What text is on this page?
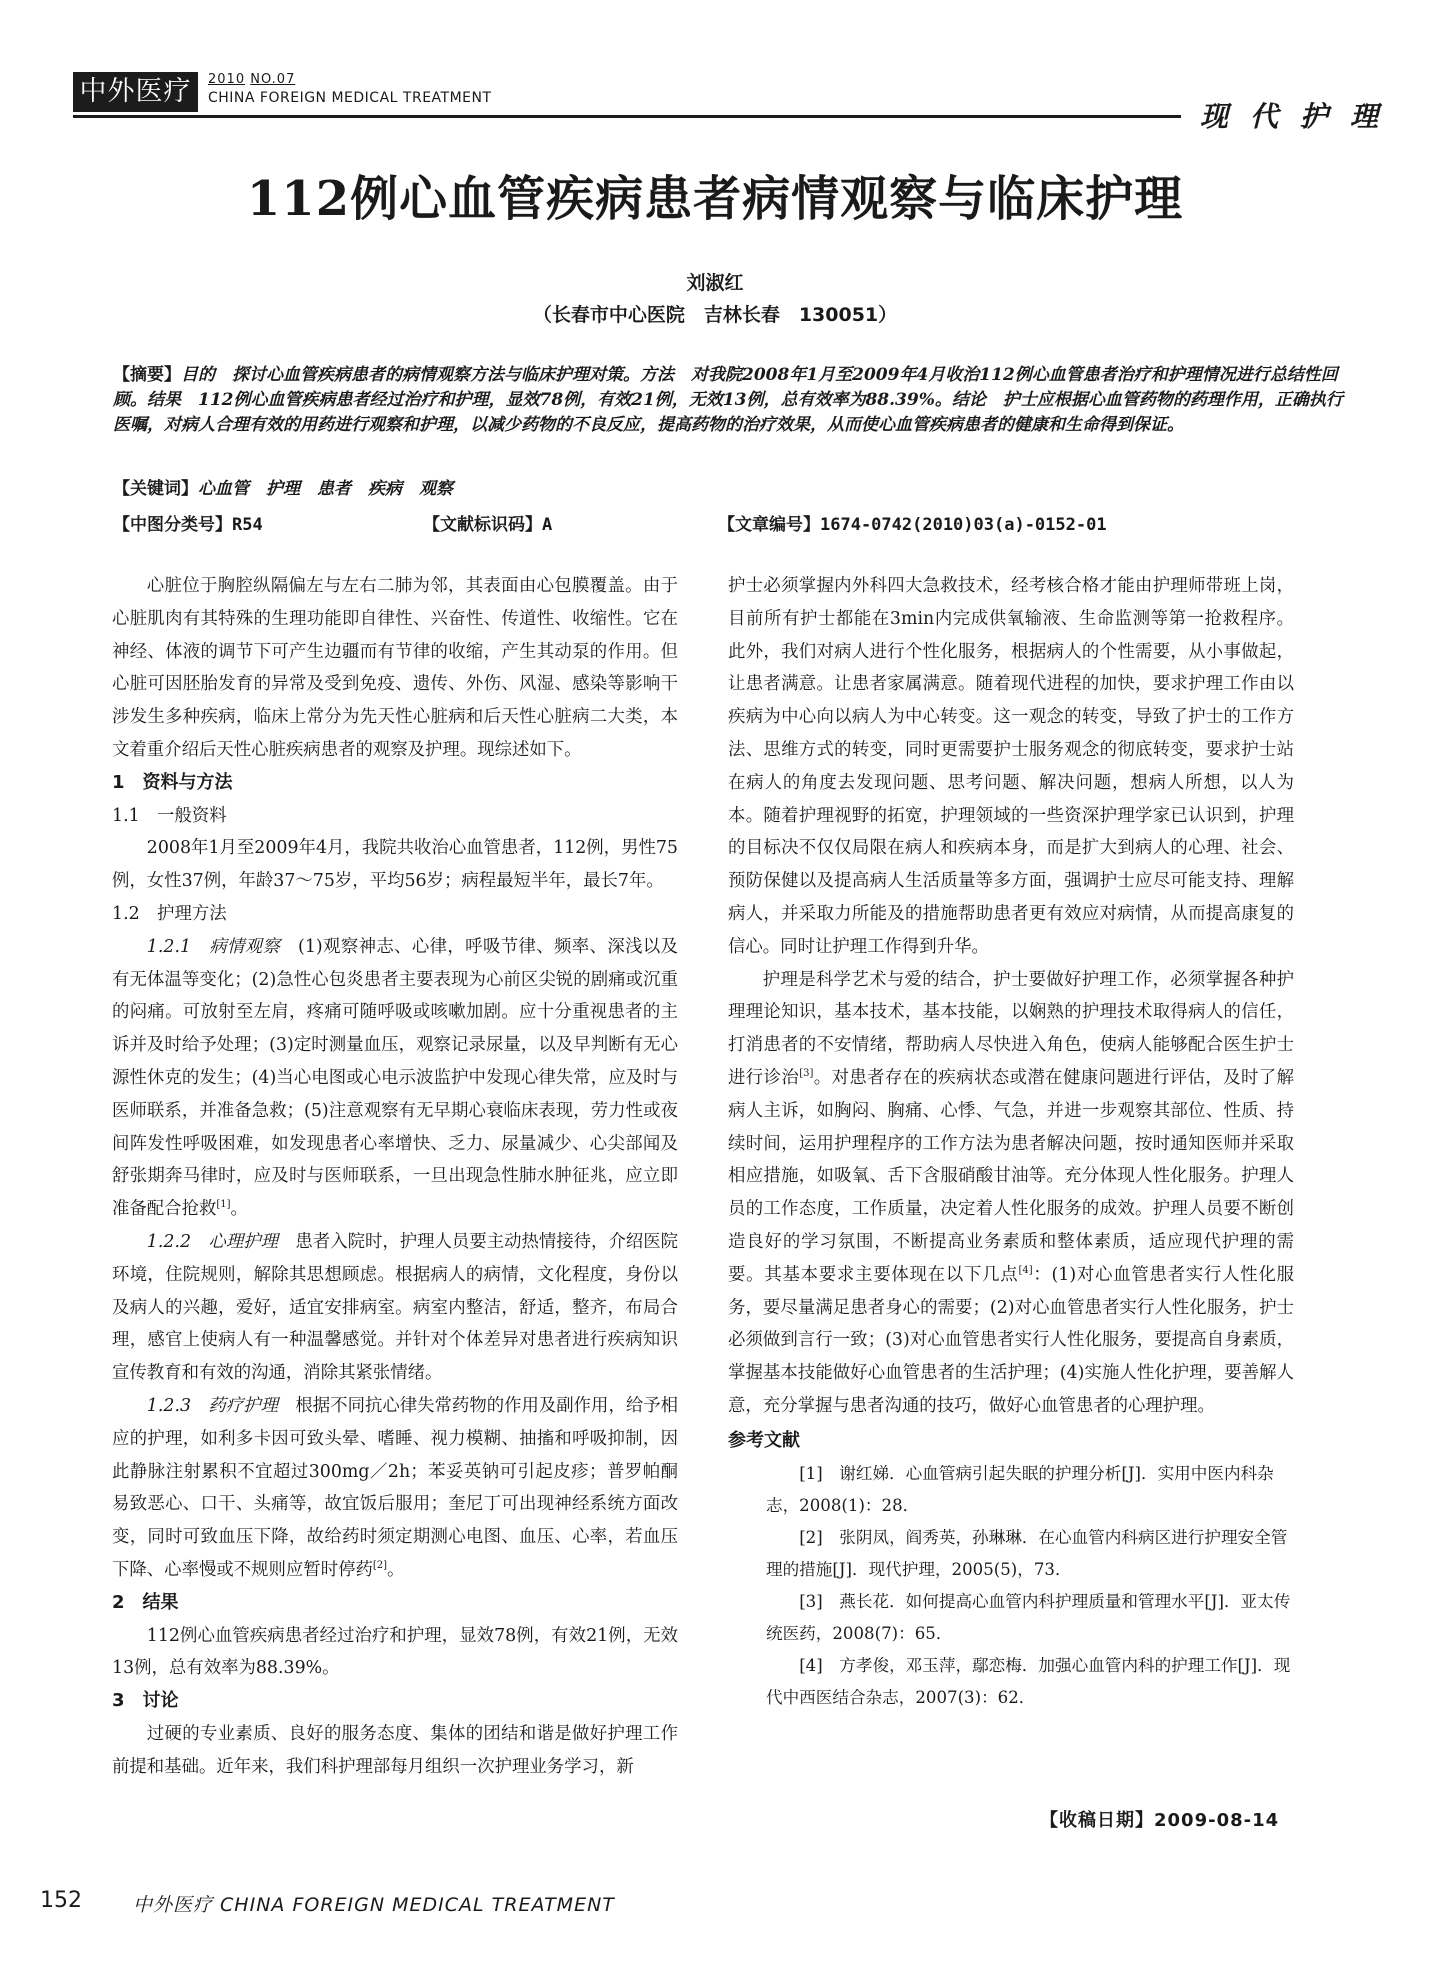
中外医疗	2010 NO.07
CHINA FOREIGN MEDICAL TREATMENT
现代护理
112例心血管疾病患者病情观察与临床护理
刘淑红
（长春市中心医院　吉林长春　130051）
【摘要】目的　探讨心血管疾病患者的病情观察方法与临床护理对策。方法　对我院2008年1月至2009年4月收治112例心血管患者治疗和护理情况进行总结性回顾。结果　112例心血管疾病患者经过治疗和护理，显效78例，有效21例，无效13例，总有效率为88.39%。结论　护士应根据心血管药物的药理作用，正确执行医嘱，对病人合理有效的用药进行观察和护理，以减少药物的不良反应，提高药物的治疗效果，从而使心血管疾病患者的健康和生命得到保证。
【关键词】心血管　护理　患者　疾病　观察
【中图分类号】R54	【文献标识码】A	【文章编号】1674-0742(2010)03(a)-0152-01

心脏位于胸腔纵隔偏左与左右二肺为邻，其表面由心包膜覆盖。由于心脏肌肉有其特殊的生理功能即自律性、兴奋性、传道性、收缩性。它在神经、体液的调节下可产生边疆而有节律的收缩，产生其动泵的作用。但心脏可因胚胎发育的异常及受到免疫、遗传、外伤、风湿、感染等影响干涉发生多种疾病，临床上常分为先天性心脏病和后天性心脏病二大类，本文着重介绍后天性心脏疾病患者的观察及护理。现综述如下。

1　资料与方法
1.1　一般资料

2008年1月至2009年4月，我院共收治心血管患者，112例，男性75例，女性37例，年龄37～75岁，平均56岁；病程最短半年，最长7年。

1.2　护理方法

1.2.1　病情观察　 (1)观察神志、心律，呼吸节律、频率、深浅以及有无体温等变化；(2)急性心包炎患者主要表现为心前区尖锐的剧痛或沉重的闷痛。可放射至左肩，疼痛可随呼吸或咳嗽加剧。应十分重视患者的主诉并及时给予处理；(3)定时测量血压，观察记录尿量，以及早判断有无心源性休克的发生；(4)当心电图或心电示波监护中发现心律失常，应及时与医师联系，并准备急救；(5)注意观察有无早期心衰临床表现，劳力性或夜间阵发性呼吸困难，如发现患者心率增快、乏力、尿量减少、心尖部闻及舒张期奔马律时，应及时与医师联系，一旦出现急性肺水肿征兆，应立即准备配合抢救[1]。

1.2.2　心理护理　 患者入院时，护理人员要主动热情接待，介绍医院环境，住院规则，解除其思想顾虑。根据病人的病情，文化程度，身份以及病人的兴趣，爱好，适宜安排病室。病室内整洁，舒适，整齐，布局合理，感官上使病人有一种温馨感觉。并针对个体差异对患者进行疾病知识宣传教育和有效的沟通，消除其紧张情绪。

1.2.3　药疗护理　 根据不同抗心律失常药物的作用及副作用，给予相应的护理，如利多卡因可致头晕、嗜睡、视力模糊、抽搐和呼吸抑制，因此静脉注射累积不宜超过300mg／2h；苯妥英钠可引起皮疹；普罗帕酮易致恶心、口干、头痛等，故宜饭后服用；奎尼丁可出现神经系统方面改变，同时可致血压下降，故给药时须定期测心电图、血压、心率，若血压下降、心率慢或不规则应暂时停药[2]。

2　结果

112例心血管疾病患者经过治疗和护理，显效78例，有效21例，无效13例，总有效率为88.39%。

3　讨论

过硬的专业素质、良好的服务态度、集体的团结和谐是做好护理工作前提和基础。近年来，我们科护理部每月组织一次护理业务学习，新

护士必须掌握内外科四大急救技术，经考核合格才能由护理师带班上岗，目前所有护士都能在3min内完成供氧输液、生命监测等第一抢救程序。此外，我们对病人进行个性化服务，根据病人的个性需要，从小事做起，让患者满意。让患者家属满意。随着现代进程的加快，要求护理工作由以疾病为中心向以病人为中心转变。这一观念的转变，导致了护士的工作方法、思维方式的转变，同时更需要护士服务观念的彻底转变，要求护士站在病人的角度去发现问题、思考问题、解决问题，想病人所想，以人为本。随着护理视野的拓宽，护理领域的一些资深护理学家已认识到，护理的目标决不仅仅局限在病人和疾病本身，而是扩大到病人的心理、社会、预防保健以及提高病人生活质量等多方面，强调护士应尽可能支持、理解病人，并采取力所能及的措施帮助患者更有效应对病情，从而提高康复的信心。同时让护理工作得到升华。

护理是科学艺术与爱的结合，护士要做好护理工作，必须掌握各种护理理论知识，基本技术，基本技能，以娴熟的护理技术取得病人的信任，打消患者的不安情绪，帮助病人尽快进入角色，使病人能够配合医生护士进行诊治[3]。对患者存在的疾病状态或潜在健康问题进行评估，及时了解病人主诉，如胸闷、胸痛、心悸、气急，并进一步观察其部位、性质、持续时间，运用护理程序的工作方法为患者解决问题，按时通知医师并采取相应措施，如吸氧、舌下含服硝酸甘油等。充分体现人性化服务。护理人员的工作态度，工作质量，决定着人性化服务的成效。护理人员要不断创造良好的学习氛围，不断提高业务素质和整体素质，适应现代护理的需要。其基本要求主要体现在以下几点[4]：(1)对心血管患者实行人性化服务，要尽量满足患者身心的需要；(2)对心血管患者实行人性化服务，护士必须做到言行一致；(3)对心血管患者实行人性化服务，要提高自身素质，掌握基本技能做好心血管患者的生活护理；(4)实施人性化护理，要善解人意，充分掌握与患者沟通的技巧，做好心血管患者的心理护理。

参考文献

[1]　谢红娣．心血管病引起失眠的护理分析[J]．实用中医内科杂志，2008(1)：28．

[2]　张阴凤，阎秀英，孙琳琳．在心血管内科病区进行护理安全管理的措施[J]．现代护理，2005(5)，73．

[3]　燕长花．如何提高心血管内科护理质量和管理水平[J]．亚太传统医药，2008(7)：65．

[4]　方孝俊，邓玉萍，鄢恋梅．加强心血管内科的护理工作[J]．现代中西医结合杂志，2007(3)：62．

【收稿日期】2009-08-14
152	中外医疗 CHINA FOREIGN MEDICAL TREATMENT
